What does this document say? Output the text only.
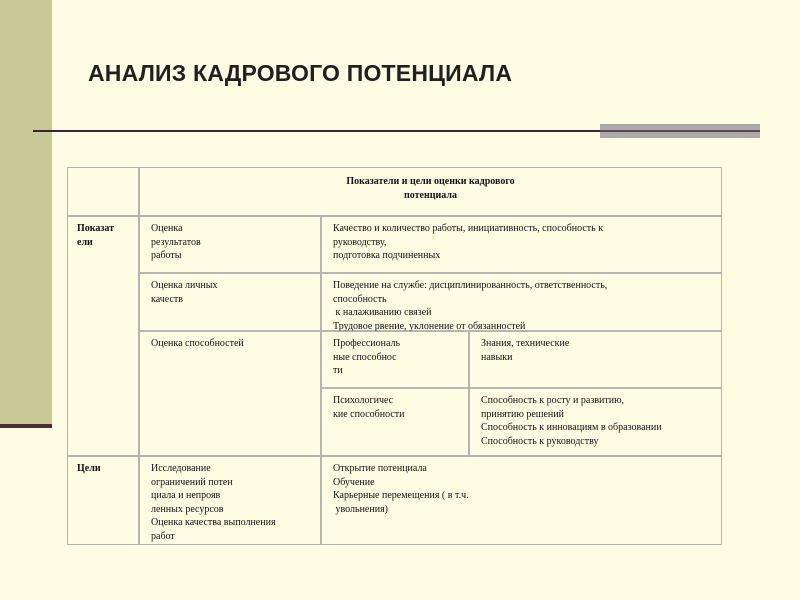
АНАЛИЗ КАДРОВОГО ПОТЕНЦИАЛА
Показатели и цели оценки кадрового
потенциала
Показат
ели
Оценка
результатов
работы
Качество и количество работы, инициативность, способность к
руководству,
подготовка подчиненных
Оценка личных
качеств
Поведение на службе: дисциплинированность, ответственность,
способность
к налаживанию связей
Трудовое рвение, уклонение от обязанностей
Оценка способностей	Профессиональ
ные способнос
ти
Знания, технические
навыки
Психологичес
кие способности
Способность к росту и развитию,
принятию решений
Способность к инновациям в образовании
Способность к руководству
Цели	Исследование
ограничений потен
циала и непрояв
ленных ресурсов
Оценка качества выполнения
работ
Открытие потенциала
Обучение
Карьерные перемещения ( в т.ч.
увольнения)
